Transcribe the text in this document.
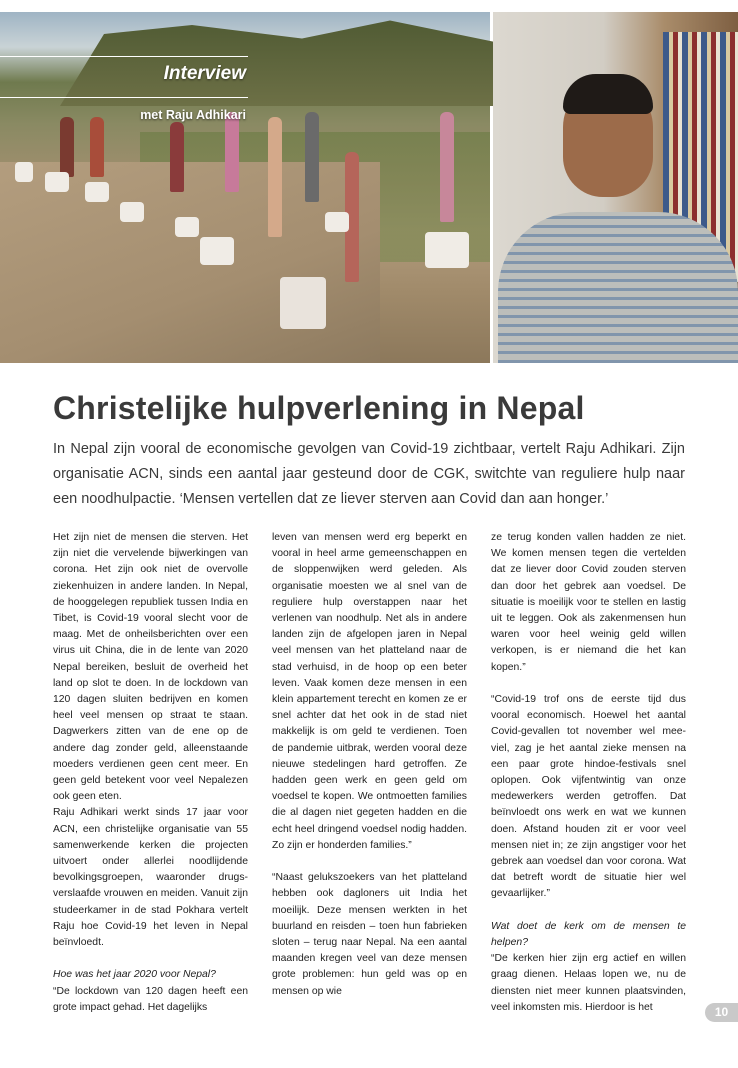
Interview
met Raju Adhikari
Christelijke hulpverlening in Nepal

In Nepal zijn vooral de economische gevolgen van Covid-19 zichtbaar, vertelt Raju Adhikari. Zijn organisatie ACN, sinds een aantal jaar gesteund door de CGK, switchte van reguliere hulp naar een noodhulpactie. ‘Mensen vertellen dat ze liever sterven aan Covid dan aan honger.’

Het zijn niet de mensen die sterven. Het zijn niet die vervelende bijwerkingen van corona. Het zijn ook niet de overvolle ziekenhuizen in andere landen. In Nepal, de hooggelegen republiek tussen India en Tibet, is Covid-19 vooral slecht voor de maag. Met de onheilsberichten over een virus uit China, die in de lente van 2020 Nepal bereiken, besluit de overheid het land op slot te doen. In de lockdown van 120 dagen sluiten bedrijven en komen heel veel mensen op straat te staan. Dagwerkers zitten van de ene op de andere dag zonder geld, alleenstaande moeders verdienen geen cent meer. En geen geld betekent voor veel Nepalezen ook geen eten.

Raju Adhikari werkt sinds 17 jaar voor ACN, een christelijke organisatie van 55 samenwerkende kerken die projecten uitvoert onder allerlei noodlijdende bevolkingsgroepen, waaronder drugs-verslaafde vrouwen en meiden. Vanuit zijn studeerkamer in de stad Pokhara vertelt Raju hoe Covid-19 het leven in Nepal beïnvloedt.

Hoe was het jaar 2020 voor Nepal?

“De lockdown van 120 dagen heeft een grote impact gehad. Het dagelijks

leven van mensen werd erg beperkt en vooral in heel arme gemeenschappen en de sloppenwijken werd geleden. Als organisatie moesten we al snel van de reguliere hulp overstappen naar het verlenen van noodhulp. Net als in andere landen zijn de afgelopen jaren in Nepal veel mensen van het platteland naar de stad verhuisd, in de hoop op een beter leven. Vaak komen deze mensen in een klein appartement terecht en komen ze er snel achter dat het ook in de stad niet makkelijk is om geld te verdienen. Toen de pandemie uitbrak, werden vooral deze nieuwe stedelingen hard getroffen. Ze hadden geen werk en geen geld om voedsel te kopen. We ontmoetten families die al dagen niet gegeten hadden en die echt heel dringend voedsel nodig hadden. Zo zijn er honderden families.”

“Naast gelukszoekers van het platteland hebben ook dagloners uit India het moeilijk. Deze mensen werkten in het buurland en reisden – toen hun fabrieken sloten – terug naar Nepal. Na een aantal maanden kregen veel van deze mensen grote problemen: hun geld was op en mensen op wie

ze terug konden vallen hadden ze niet. We komen mensen tegen die vertelden dat ze liever door Covid zouden sterven dan door het gebrek aan voedsel. De situatie is moeilijk voor te stellen en lastig uit te leggen. Ook als zakenmensen hun waren voor heel weinig geld willen verkopen, is er niemand die het kan kopen.”

“Covid-19 trof ons de eerste tijd dus vooral economisch. Hoewel het aantal Covid-gevallen tot november wel mee-viel, zag je het aantal zieke mensen na een paar grote hindoe-festivals snel oplopen. Ook vijfentwintig van onze medewerkers werden getroffen. Dat beïnvloedt ons werk en wat we kunnen doen. Afstand houden zit er voor veel mensen niet in; ze zijn angstiger voor het gebrek aan voedsel dan voor corona. Wat dat betreft wordt de situatie hier wel gevaarlijker.”

Wat doet de kerk om de mensen te helpen?

“De kerken hier zijn erg actief en willen graag dienen. Helaas lopen we, nu de diensten niet meer kunnen plaatsvinden, veel inkomsten mis. Hierdoor is het	10
